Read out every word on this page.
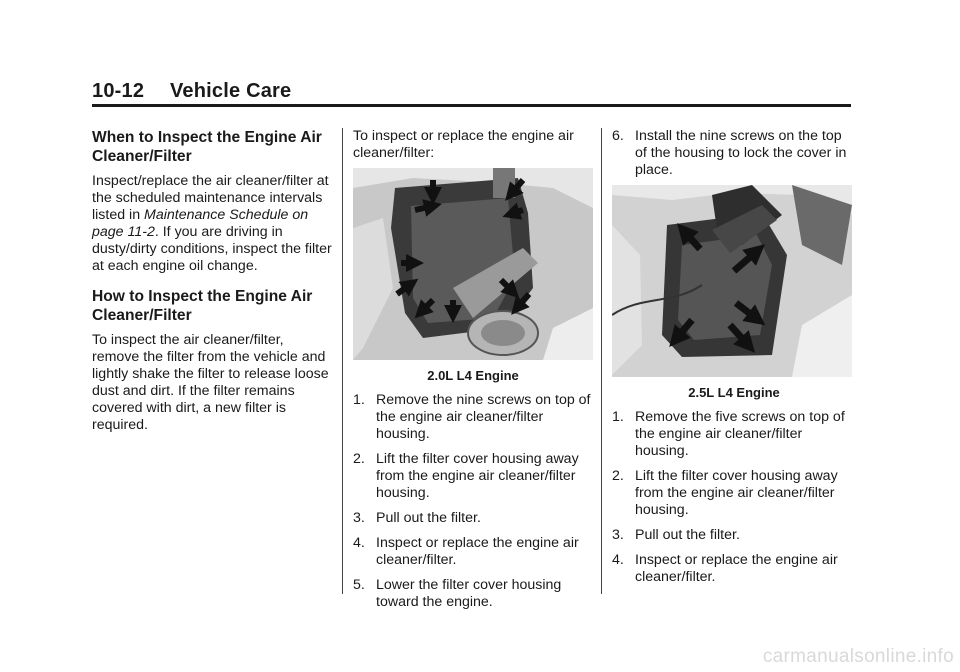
10-12 Vehicle Care
When to Inspect the Engine Air Cleaner/Filter

Inspect/replace the air cleaner/filter at the scheduled maintenance intervals listed in Maintenance Schedule on page 11-2. If you are driving in dusty/dirty conditions, inspect the filter at each engine oil change.

How to Inspect the Engine Air Cleaner/Filter

To inspect the air cleaner/filter, remove the filter from the vehicle and lightly shake the filter to release loose dust and dirt. If the filter remains covered with dirt, a new filter is required.

To inspect or replace the engine air cleaner/filter:

2.0L L4 Engine
1. Remove the nine screws on top of the engine air cleaner/filter housing.
2. Lift the filter cover housing away from the engine air cleaner/filter housing.
3. Pull out the filter.
4. Inspect or replace the engine air cleaner/filter.
5. Lower the filter cover housing toward the engine.
6. Install the nine screws on the top of the housing to lock the cover in place.
2.5L L4 Engine
1. Remove the five screws on top of the engine air cleaner/filter housing.
2. Lift the filter cover housing away from the engine air cleaner/filter housing.
3. Pull out the filter.
4. Inspect or replace the engine air cleaner/filter.
carmanualsonline.info
